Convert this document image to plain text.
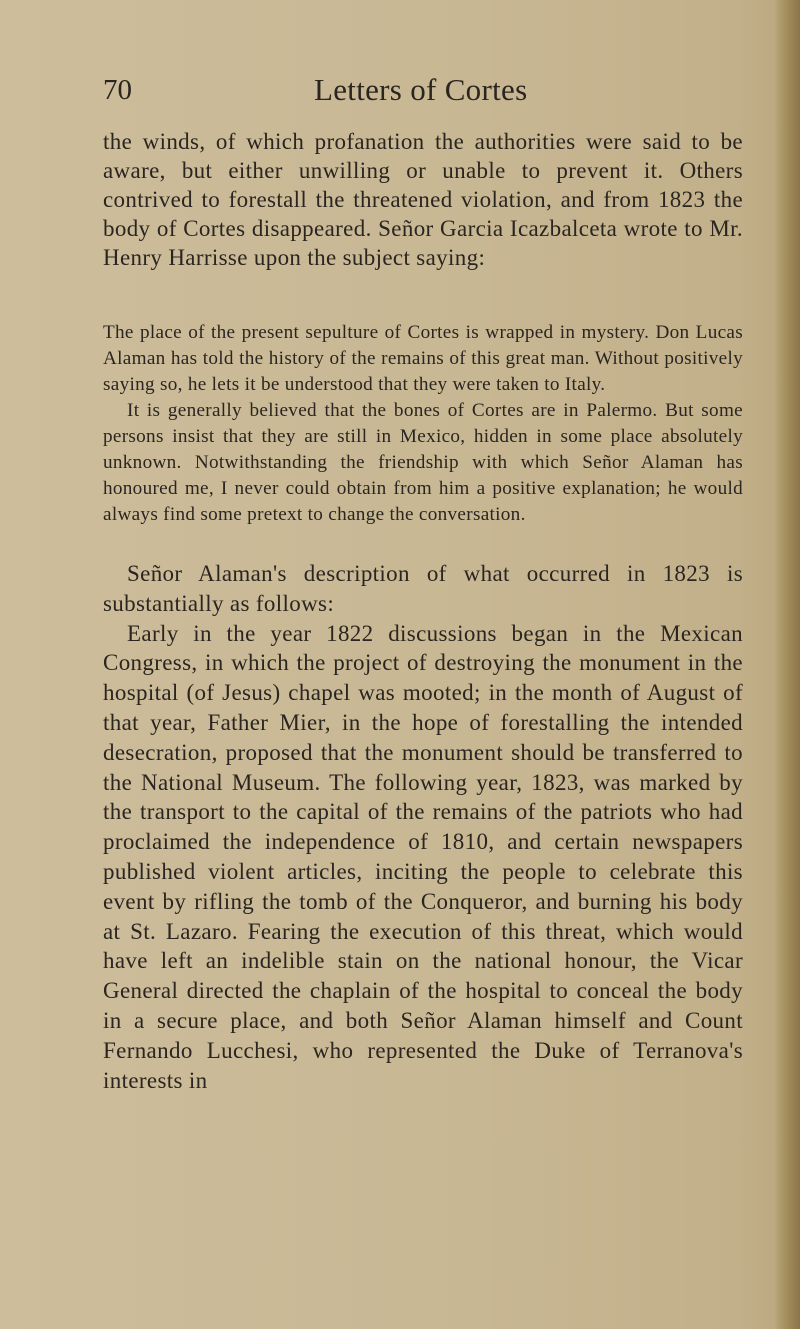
70	Letters of Cortes

the winds, of which profanation the authorities were said to be aware, but either unwilling or unable to prevent it. Others contrived to forestall the threatened violation, and from 1823 the body of Cortes disappeared. Señor Garcia Icazbalceta wrote to Mr. Henry Harrisse upon the subject saying:

The place of the present sepulture of Cortes is wrapped in mystery. Don Lucas Alaman has told the history of the remains of this great man. Without positively saying so, he lets it be understood that they were taken to Italy.

It is generally believed that the bones of Cortes are in Palermo. But some persons insist that they are still in Mexico, hidden in some place absolutely unknown. Notwithstanding the friendship with which Señor Alaman has honoured me, I never could obtain from him a positive explanation; he would always find some pretext to change the conversation.

Señor Alaman's description of what occurred in 1823 is substantially as follows:

Early in the year 1822 discussions began in the Mexican Congress, in which the project of destroying the monument in the hospital (of Jesus) chapel was mooted; in the month of August of that year, Father Mier, in the hope of forestalling the intended desecration, proposed that the monument should be transferred to the National Museum. The following year, 1823, was marked by the transport to the capital of the remains of the patriots who had proclaimed the independence of 1810, and certain newspapers published violent articles, inciting the people to celebrate this event by rifling the tomb of the Conqueror, and burning his body at St. Lazaro. Fearing the execution of this threat, which would have left an indelible stain on the national honour, the Vicar General directed the chaplain of the hospital to conceal the body in a secure place, and both Señor Alaman himself and Count Fernando Lucchesi, who represented the Duke of Terranova's interests in
